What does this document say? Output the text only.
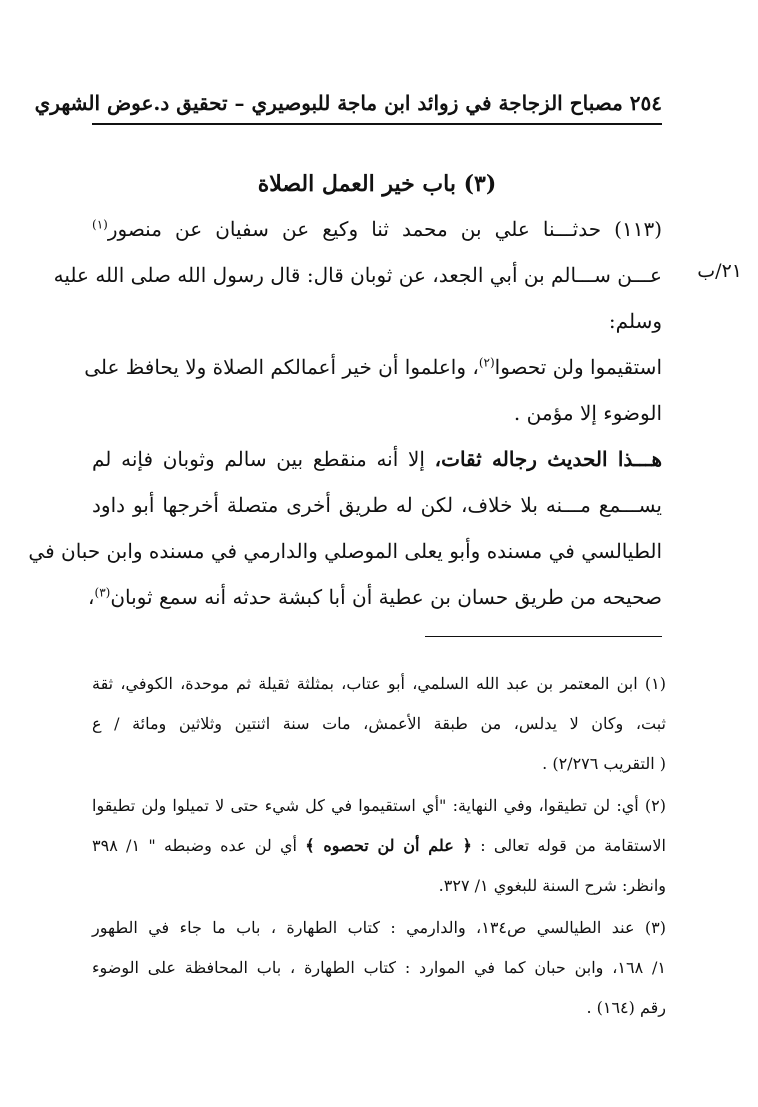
٢٥٤ مصباح الزجاجة في زوائد ابن ماجة للبوصيري – تحقيق د.عوض الشهري
(٣) باب خير العمل الصلاة
٢١/ب
(١١٣) حدثـــنا علي بن محمد ثنا وكيع عن سفيان عن منصور$^{(١)}$
عـــن ســـالم بن أبي الجعد، عن ثوبان قال: قال رسول الله صلى الله عليه
وسلم:
استقيموا ولن تحصوا$^{(٢)}$، واعلموا أن خير أعمالكم الصلاة ولا يحافظ على
الوضوء إلا مؤمن .
هـــذا الحديث رجاله ثقات، إلا أنه منقطع بين سالم وثوبان فإنه لم
يســـمع مـــنه بلا خلاف، لكن له طريق أخرى متصلة أخرجها أبو داود
الطيالسي في مسنده وأبو يعلى الموصلي والدارمي في مسنده وابن حبان في
صحيحه من طريق حسان بن عطية أن أبا كبشة حدثه أنه سمع ثوبان$^{(٣)}$،
(١) ابن المعتمر بن عبد الله السلمي، أبو عتاب، بمثلثة ثقيلة ثم موحدة، الكوفي، ثقة
ثبت، وكان لا يدلس، من طبقة الأعمش، مات سنة اثنتين وثلاثين ومائة / ع
( التقريب ٢/٢٧٦) .
(٢) أي: لن تطيقوا، وفي النهاية: "أي استقيموا في كل شيء حتى لا تميلوا ولن تطيقوا
الاستقامة من قوله تعالى : ﴿ علم أن لن تحصوه ﴾ أي لن عده وضبطه " ١/ ٣٩٨
وانظر: شرح السنة للبغوي ١/ ٣٢٧.
(٣) عند الطيالسي ص١٣٤، والدارمي : كتاب الطهارة ، باب ما جاء في الطهور
١/ ١٦٨، وابن حبان كما في الموارد : كتاب الطهارة ، باب المحافظة على الوضوء
رقم (١٦٤) .
